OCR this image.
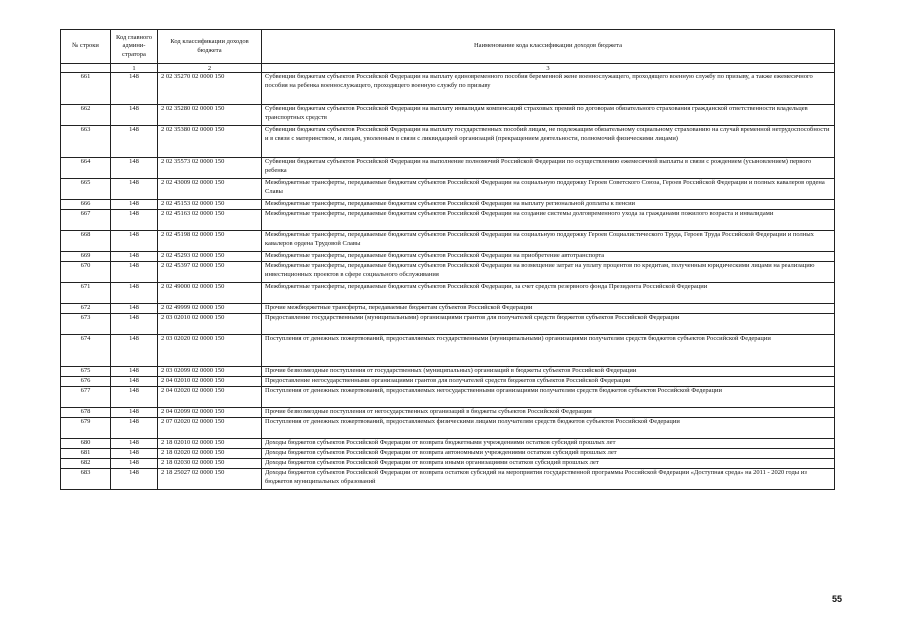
№ строки	Код главного админи-стратора	Код классификации доходов бюджета	Наименование кода классификации доходов бюджета
	1	2	3
661	148	2 02 35270 02 0000 150	Субвенции бюджетам субъектов Российской Федерации на выплату единовременного пособия беременной жене военнослужащего, проходящего военную службу по призыву, а также ежемесячного пособия на ребенка военнослужащего, проходящего военную службу по призыву
662	148	2 02 35280 02 0000 150	Субвенции бюджетам субъектов Российской Федерации на выплату инвалидам компенсаций страховых премий по договорам обязательного страхования гражданской ответственности владельцев транспортных средств
663	148	2 02 35380 02 0000 150	Субвенции бюджетам субъектов Российской Федерации на выплату государственных пособий лицам, не подлежащим обязательному социальному страхованию на случай временной нетрудоспособности и в связи с материнством, и лицам, уволенным в связи с ликвидацией организаций (прекращением деятельности, полномочий физическими лицами)
664	148	2 02 35573 02 0000 150	Субвенции бюджетам субъектов Российской Федерации на выполнение полномочий Российской Федерации по осуществлению ежемесячной выплаты в связи с рождением (усыновлением) первого ребенка
665	148	2 02 43009 02 0000 150	Межбюджетные трансферты, передаваемые бюджетам субъектов Российской Федерации на социальную поддержку Героев Советского Союза, Героев Российской Федерации и полных кавалеров ордена Славы
666	148	2 02 45153 02 0000 150	Межбюджетные трансферты, передаваемые бюджетам субъектов Российской Федерации на выплату региональной доплаты к пенсии
667	148	2 02 45163 02 0000 150	Межбюджетные трансферты, передаваемые бюджетам субъектов Российской Федерации на создание системы долговременного ухода за гражданами пожилого возраста и инвалидами
668	148	2 02 45198 02 0000 150	Межбюджетные трансферты, передаваемые бюджетам субъектов Российской Федерации на социальную поддержку Героев Социалистического Труда, Героев Труда Российской Федерации и полных кавалеров ордена Трудовой Славы
669	148	2 02 45293 02 0000 150	Межбюджетные трансферты, передаваемые бюджетам субъектов Российской Федерации на приобретение автотранспорта
670	148	2 02 45397 02 0000 150	Межбюджетные трансферты, передаваемые бюджетам субъектов Российской Федерации на возмещение затрат на уплату процентов по кредитам, полученным юридическими лицами на реализацию инвестиционных проектов в сфере социального обслуживания
671	148	2 02 49000 02 0000 150	Межбюджетные трансферты, передаваемые бюджетам субъектов Российской Федерации, за счет средств резервного фонда Президента Российской Федерации
672	148	2 02 49999 02 0000 150	Прочие межбюджетные трансферты, передаваемые бюджетам субъектов Российской Федерации
673	148	2 03 02010 02 0000 150	Предоставление государственными (муниципальными) организациями грантов для получателей средств бюджетов субъектов Российской Федерации
674	148	2 03 02020 02 0000 150	Поступления от денежных пожертвований, предоставляемых государственными (муниципальными) организациями получателям средств бюджетов субъектов Российской Федерации
675	148	2 03 02099 02 0000 150	Прочие безвозмездные поступления от государственных (муниципальных) организаций в бюджеты субъектов Российской Федерации
676	148	2 04 02010 02 0000 150	Предоставление негосударственными организациями грантов для получателей средств бюджетов субъектов Российской Федерации
677	148	2 04 02020 02 0000 150	Поступления от денежных пожертвований, предоставляемых негосударственными организациями получателям средств бюджетов субъектов Российской Федерации
678	148	2 04 02099 02 0000 150	Прочие безвозмездные поступления от негосударственных организаций в бюджеты субъектов Российской Федерации
679	148	2 07 02020 02 0000 150	Поступления от денежных пожертвований, предоставляемых физическими лицами получателям средств бюджетов субъектов Российской Федерации
680	148	2 18 02010 02 0000 150	Доходы бюджетов субъектов Российской Федерации от возврата бюджетными учреждениями остатков субсидий прошлых лет
681	148	2 18 02020 02 0000 150	Доходы бюджетов субъектов Российской Федерации от возврата автономными учреждениями остатков субсидий прошлых лет
682	148	2 18 02030 02 0000 150	Доходы бюджетов субъектов Российской Федерации от возврата иными организациями остатков субсидий прошлых лет
683	148	2 18 25027 02 0000 150	Доходы бюджетов субъектов Российской Федерации от возврата остатков субсидий на мероприятия государственной программы Российской Федерации «Доступная среда» на 2011 - 2020 годы из бюджетов муниципальных образований
55
